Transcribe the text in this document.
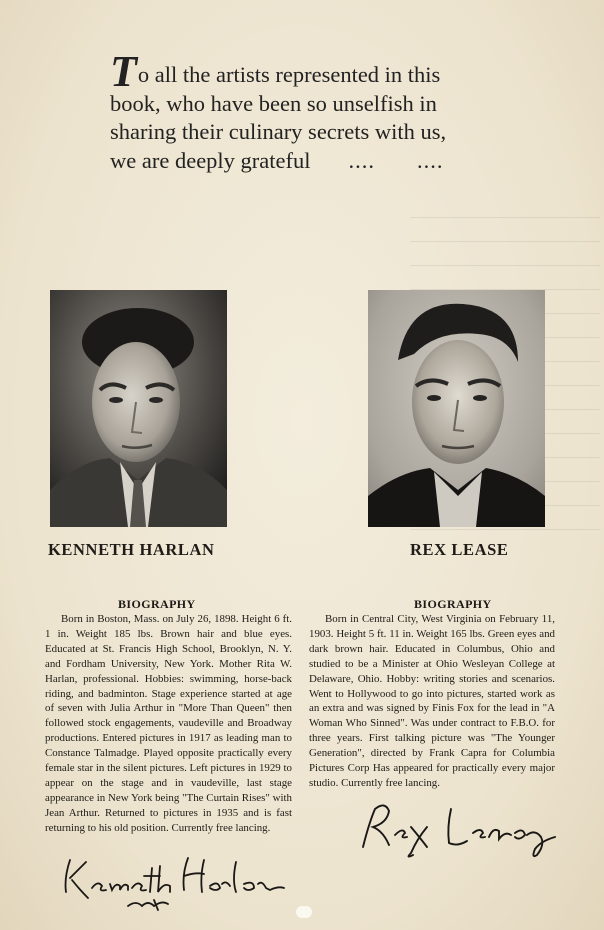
To all the artists represented in this
book, who have been so unselfish in
sharing their culinary secrets with us,
we are deeply grateful .... ....
KENNETH HARLAN	REX LEASE
BIOGRAPHY	BIOGRAPHY
Born in Boston, Mass. on July 26, 1898. Height 6 ft. 1 in. Weight 185 lbs. Brown hair and blue eyes. Educated at St. Francis High School, Brooklyn, N. Y. and Fordham University, New York. Mother Rita W. Harlan, professional. Hobbies: swimming, horse-back riding, and badminton. Stage experience started at age of seven with Julia Arthur in "More Than Queen" then followed stock engagements, vaudeville and Broadway productions. Entered pictures in 1917 as leading man to Constance Talmadge. Played opposite practically every female star in the silent pictures. Left pictures in 1929 to appear on the stage and in vaudeville, last stage appearance in New York being "The Curtain Rises" with Jean Arthur. Returned to pictures in 1935 and is fast returning to his old position. Currently free lancing.
Born in Central City, West Virginia on February 11, 1903. Height 5 ft. 11 in. Weight 165 lbs. Green eyes and dark brown hair. Educated in Columbus, Ohio and studied to be a Minister at Ohio Wesleyan College at Delaware, Ohio. Hobby: writing stories and scenarios. Went to Hollywood to go into pictures, started work as an extra and was signed by Finis Fox for the lead in "A Woman Who Sinned". Was under contract to F.B.O. for three years. First talking picture was "The Younger Generation", directed by Frank Capra for Columbia Pictures Corp Has appeared for practically every major studio. Currently free lancing.
